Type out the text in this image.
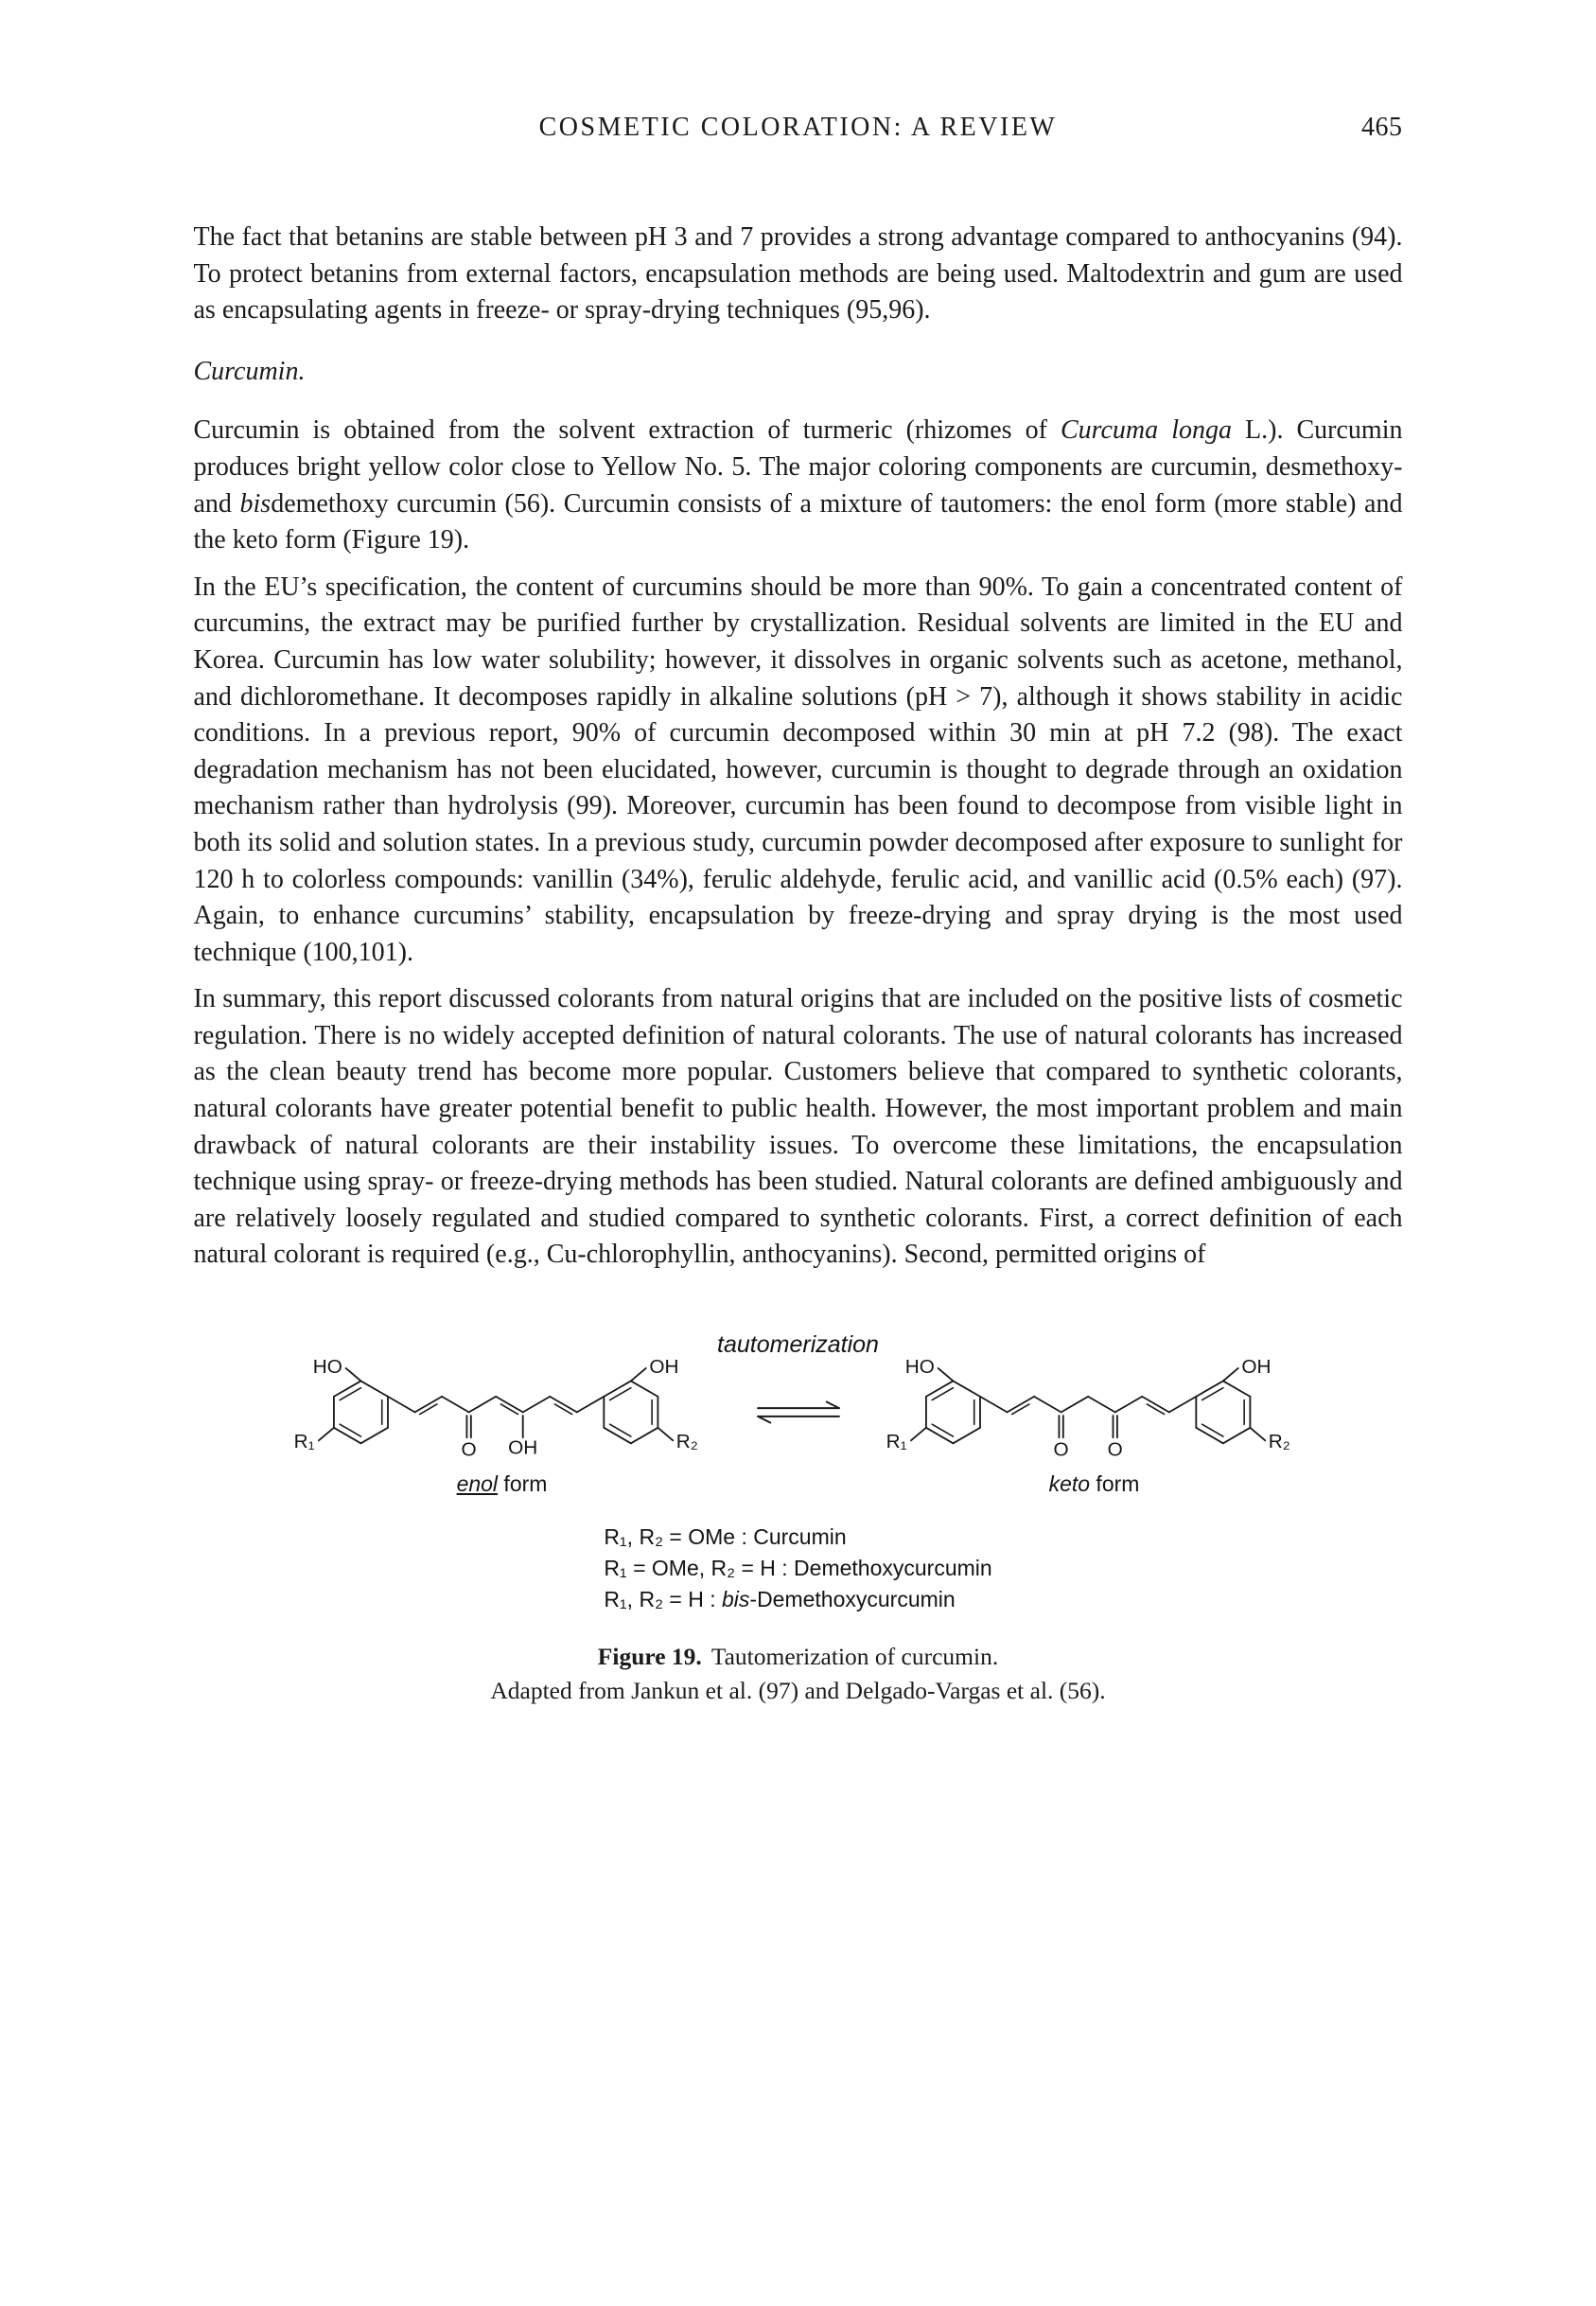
COSMETIC COLORATION: A REVIEW	465

The fact that betanins are stable between pH 3 and 7 provides a strong advantage compared to anthocyanins (94). To protect betanins from external factors, encapsulation methods are being used. Maltodextrin and gum are used as encapsulating agents in freeze- or spray-drying techniques (95,96).

Curcumin.

Curcumin is obtained from the solvent extraction of turmeric (rhizomes of Curcuma longa L.). Curcumin produces bright yellow color close to Yellow No. 5. The major coloring components are curcumin, desmethoxy- and bisdemethoxy curcumin (56). Curcumin consists of a mixture of tautomers: the enol form (more stable) and the keto form (Figure 19).

In the EU’s specification, the content of curcumins should be more than 90%. To gain a concentrated content of curcumins, the extract may be purified further by crystallization. Residual solvents are limited in the EU and Korea. Curcumin has low water solubility; however, it dissolves in organic solvents such as acetone, methanol, and dichloromethane. It decomposes rapidly in alkaline solutions (pH > 7), although it shows stability in acidic conditions. In a previous report, 90% of curcumin decomposed within 30 min at pH 7.2 (98). The exact degradation mechanism has not been elucidated, however, curcumin is thought to degrade through an oxidation mechanism rather than hydrolysis (99). Moreover, curcumin has been found to decompose from visible light in both its solid and solution states. In a previous study, curcumin powder decomposed after exposure to sunlight for 120 h to colorless compounds: vanillin (34%), ferulic aldehyde, ferulic acid, and vanillic acid (0.5% each) (97). Again, to enhance curcumins’ stability, encapsulation by freeze-drying and spray drying is the most used technique (100,101).

In summary, this report discussed colorants from natural origins that are included on the positive lists of cosmetic regulation. There is no widely accepted definition of natural colorants. The use of natural colorants has increased as the clean beauty trend has become more popular. Customers believe that compared to synthetic colorants, natural colorants have greater potential benefit to public health. However, the most important problem and main drawback of natural colorants are their instability issues. To overcome these limitations, the encapsulation technique using spray- or freeze-drying methods has been studied. Natural colorants are defined ambiguously and are relatively loosely regulated and studied compared to synthetic colorants. First, a correct definition of each natural colorant is required (e.g., Cu-chlorophyllin, anthocyanins). Second, permitted origins of

O OH
HO
R₁
OH
R₂
enol form
tautomerization
O O
HO
R₁
OH
R₂
keto form
R₁, R₂ = OMe : Curcumin
R₁ = OMe, R₂ = H : Demethoxycurcumin
R₁, R₂ = H : bis-Demethoxycurcumin
Figure 19. Tautomerization of curcumin.
Adapted from Jankun et al. (97) and Delgado-Vargas et al. (56).
